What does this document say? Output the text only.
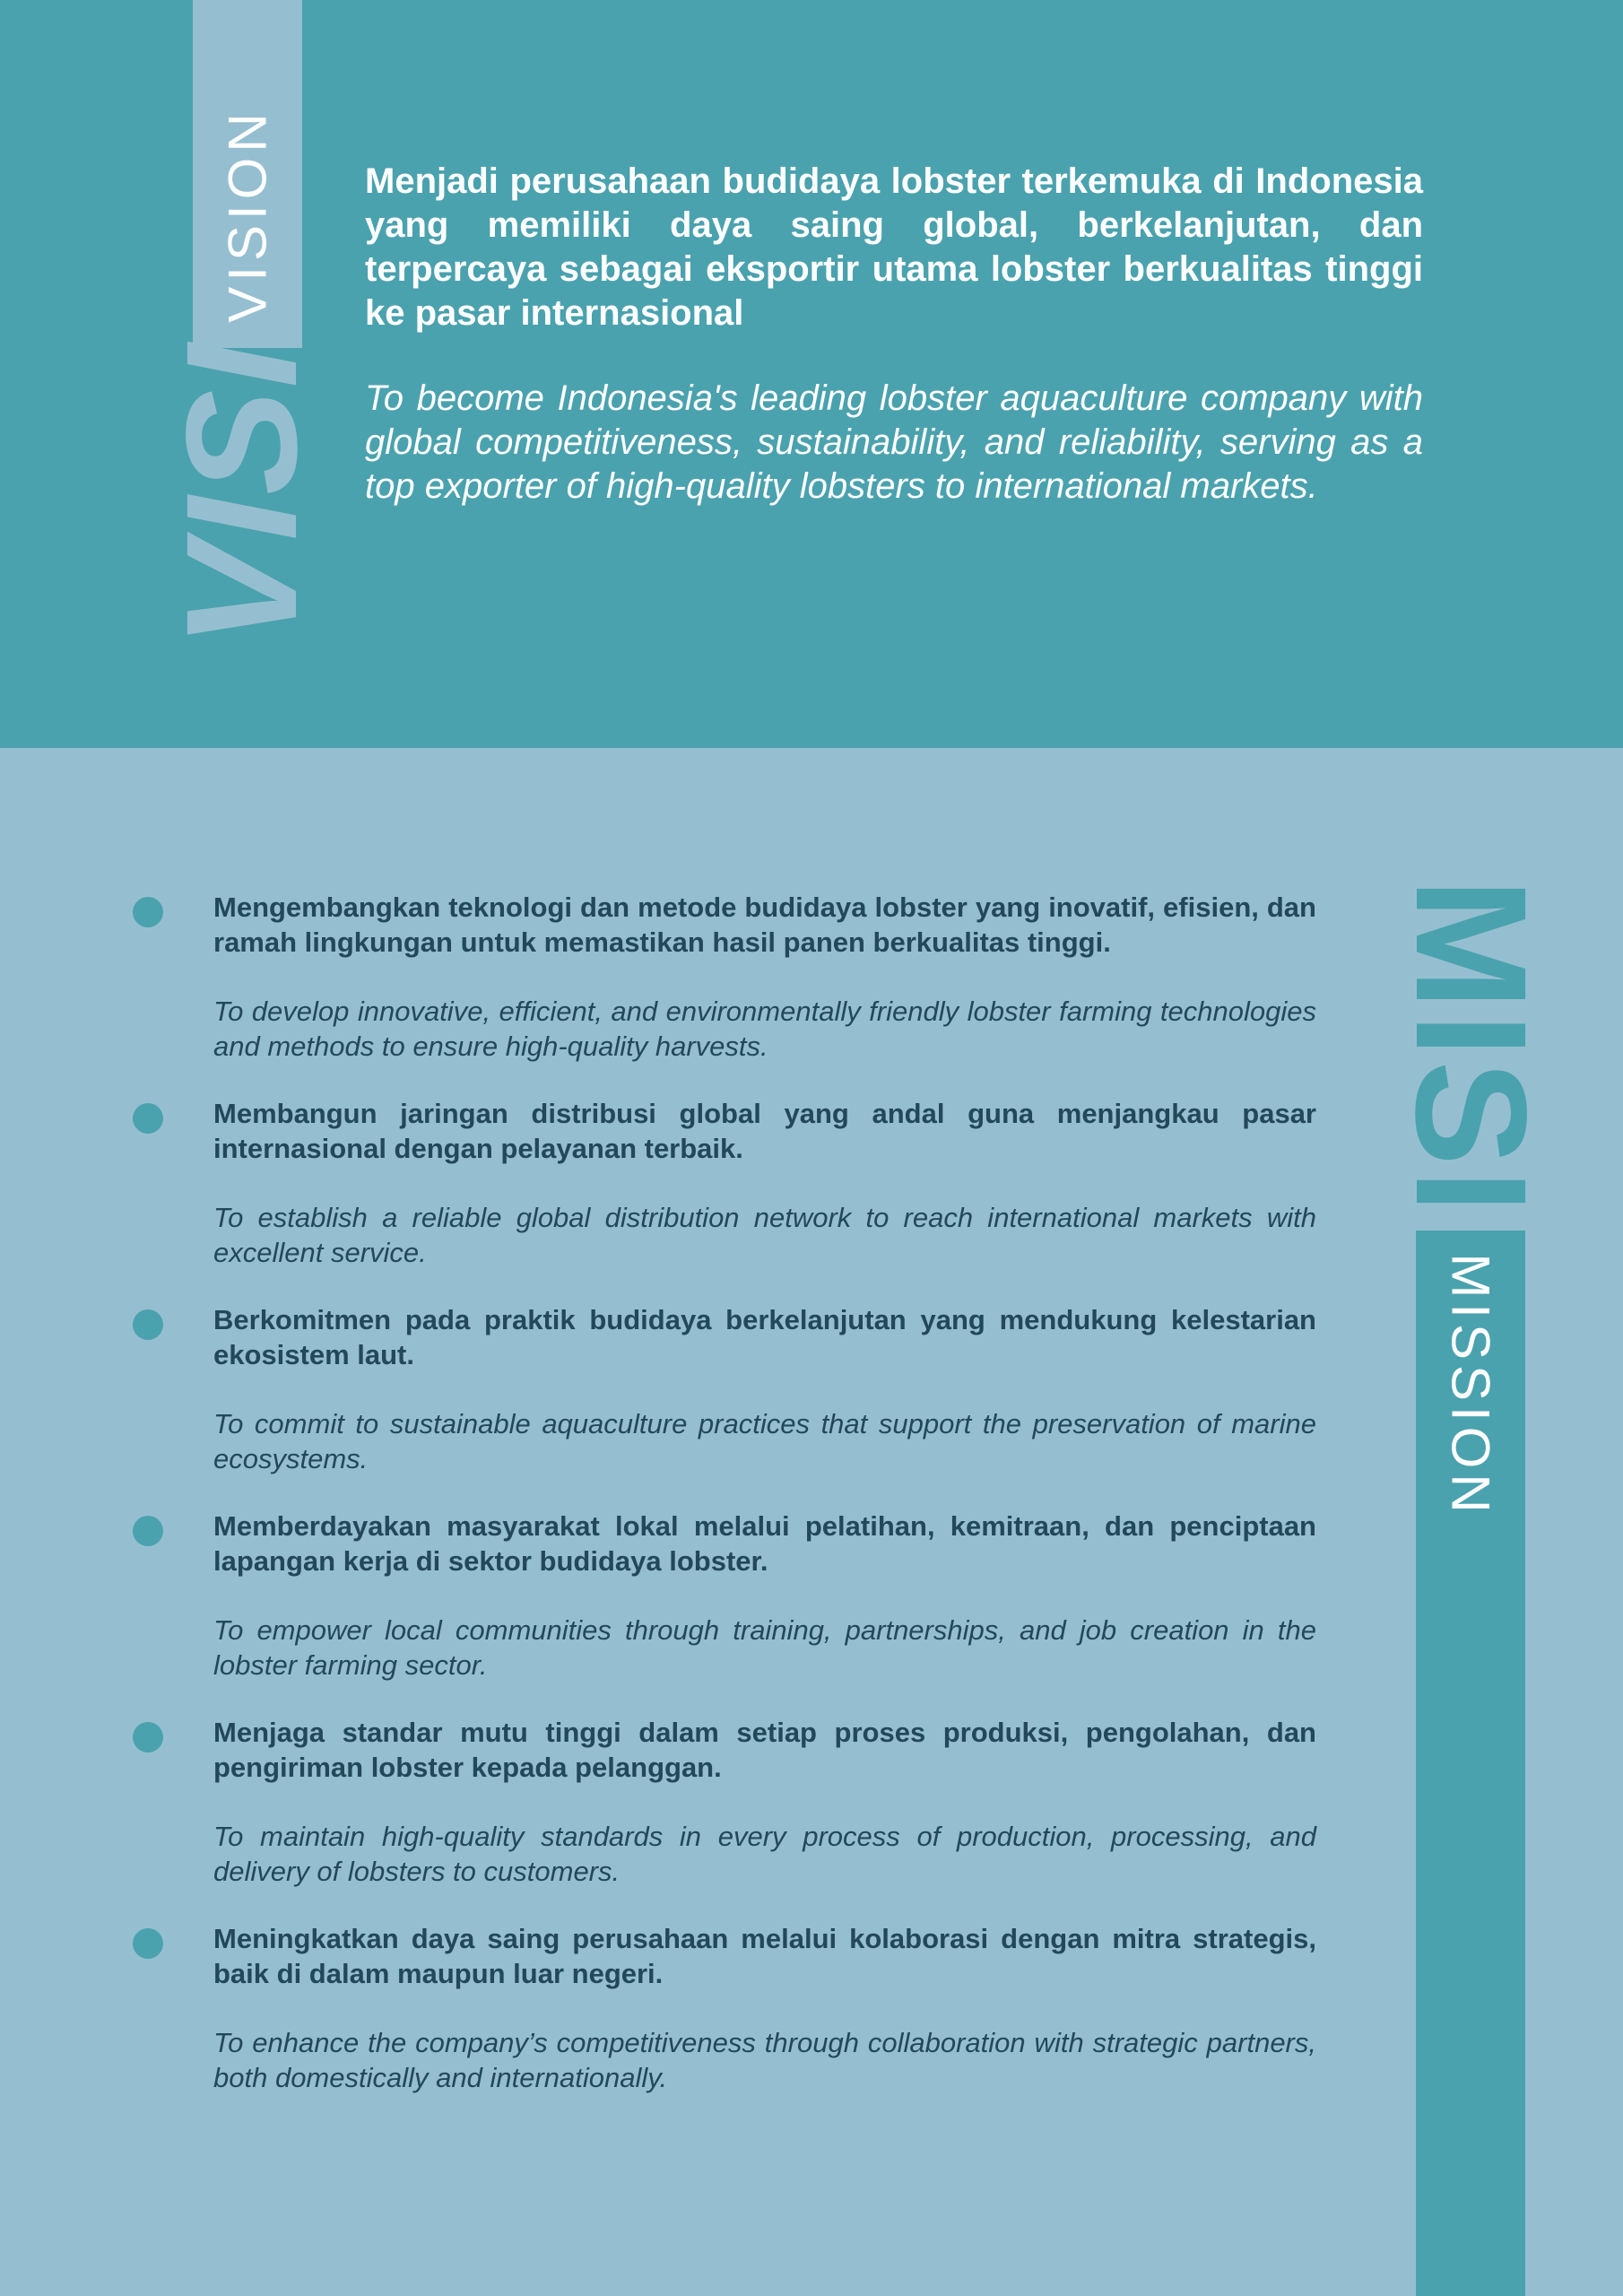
VISION
VISI

Menjadi perusahaan budidaya lobster terkemuka di Indonesia yang memiliki daya saing global, berkelanjutan, dan terpercaya sebagai eksportir utama lobster berkualitas tinggi ke pasar internasional

To become Indonesia's leading lobster aquaculture company with global competitiveness, sustainability, and reliability, serving as a top exporter of high-quality lobsters to international markets.

MISSION
MISI

Mengembangkan teknologi dan metode budidaya lobster yang inovatif, efisien, dan ramah lingkungan untuk memastikan hasil panen berkualitas tinggi.

To develop innovative, efficient, and environmentally friendly lobster farming technologies and methods to ensure high-quality harvests.

Membangun jaringan distribusi global yang andal guna menjangkau pasar internasional dengan pelayanan terbaik.

To establish a reliable global distribution network to reach international markets with excellent service.

Berkomitmen pada praktik budidaya berkelanjutan yang mendukung kelestarian ekosistem laut.

To commit to sustainable aquaculture practices that support the preservation of marine ecosystems.

Memberdayakan masyarakat lokal melalui pelatihan, kemitraan, dan penciptaan lapangan kerja di sektor budidaya lobster.

To empower local communities through training, partnerships, and job creation in the lobster farming sector.

Menjaga standar mutu tinggi dalam setiap proses produksi, pengolahan, dan pengiriman lobster kepada pelanggan.

To maintain high-quality standards in every process of production, processing, and delivery of lobsters to customers.

Meningkatkan daya saing perusahaan melalui kolaborasi dengan mitra strategis, baik di dalam maupun luar negeri.

To enhance the company’s competitiveness through collaboration with strategic partners, both domestically and internationally.
